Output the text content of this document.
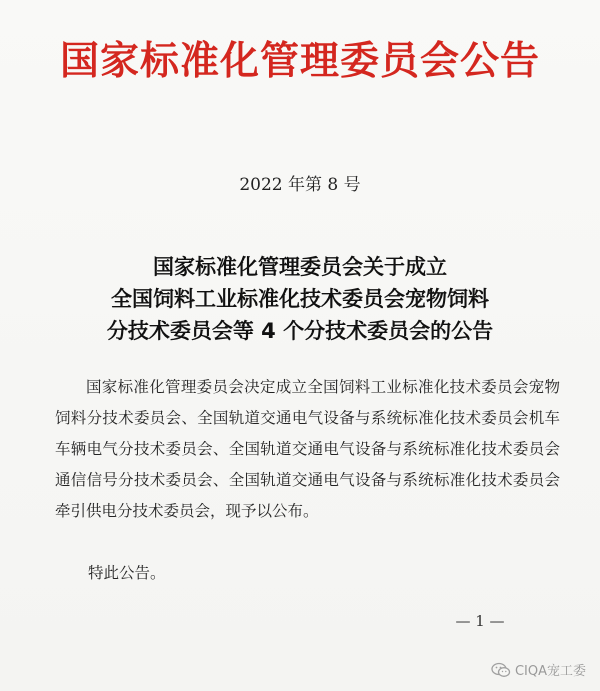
国家标准化管理委员会公告
2022 年第 8 号
国家标准化管理委员会关于成立
全国饲料工业标准化技术委员会宠物饲料
分技术委员会等 4 个分技术委员会的公告
国家标准化管理委员会决定成立全国饲料工业标准化技术委员会宠物饲料分技术委员会、全国轨道交通电气设备与系统标准化技术委员会机车车辆电气分技术委员会、全国轨道交通电气设备与系统标准化技术委员会通信信号分技术委员会、全国轨道交通电气设备与系统标准化技术委员会牵引供电分技术委员会，现予以公布。
特此公告。
— 1 —
CIQA宠工委
